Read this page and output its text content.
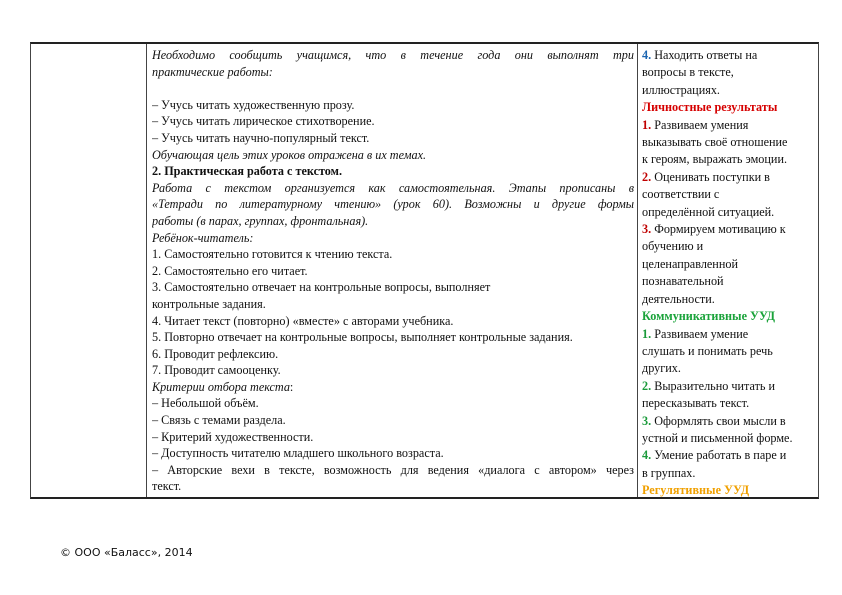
Необходимо сообщить учащимся, что в течение года они выполнят три
практические работы:
– Учусь читать художественную прозу.
– Учусь читать лирическое стихотворение.
– Учусь читать научно-популярный текст.
Обучающая цель этих уроков отражена в их темах.
2. Практическая работа с текстом.
Работа с текстом организуется как самостоятельная. Этапы прописаны в
«Тетради по литературному чтению» (урок 60). Возможны и другие формы
работы (в парах, группах, фронтальная).
Ребёнок-читатель:
1. Самостоятельно готовится к чтению текста.
2. Самостоятельно его читает.
3. Самостоятельно отвечает на контрольные вопросы, выполняет
контрольные задания.
4. Читает текст (повторно) «вместе» с авторами учебника.
5. Повторно отвечает на контрольные вопросы, выполняет контрольные задания.
6. Проводит рефлексию.
7. Проводит самооценку.
Критерии отбора текста:
– Небольшой объём.
– Связь с темами раздела.
– Критерий художественности.
– Доступность читателю младшего школьного возраста.
– Авторские вехи в тексте, возможность для ведения «диалога с автором» через
текст.
4. Находить ответы на
вопросы в тексте,
иллюстрациях.
Личностные результаты
1. Развиваем умения
выказывать своё отношение
к героям, выражать эмоции.
2. Оценивать поступки в
соответствии с
определённой ситуацией.
3. Формируем мотивацию к
обучению и
целенаправленной
познавательной
деятельности.
Коммуникативные УУД
1. Развиваем умение
слушать и понимать речь
других.
2. Выразительно читать и
пересказывать текст.
3. Оформлять свои мысли в
устной и письменной форме.
4. Умение работать в паре и
в группах.
Регулятивные УУД
© ООО «Баласс», 2014
